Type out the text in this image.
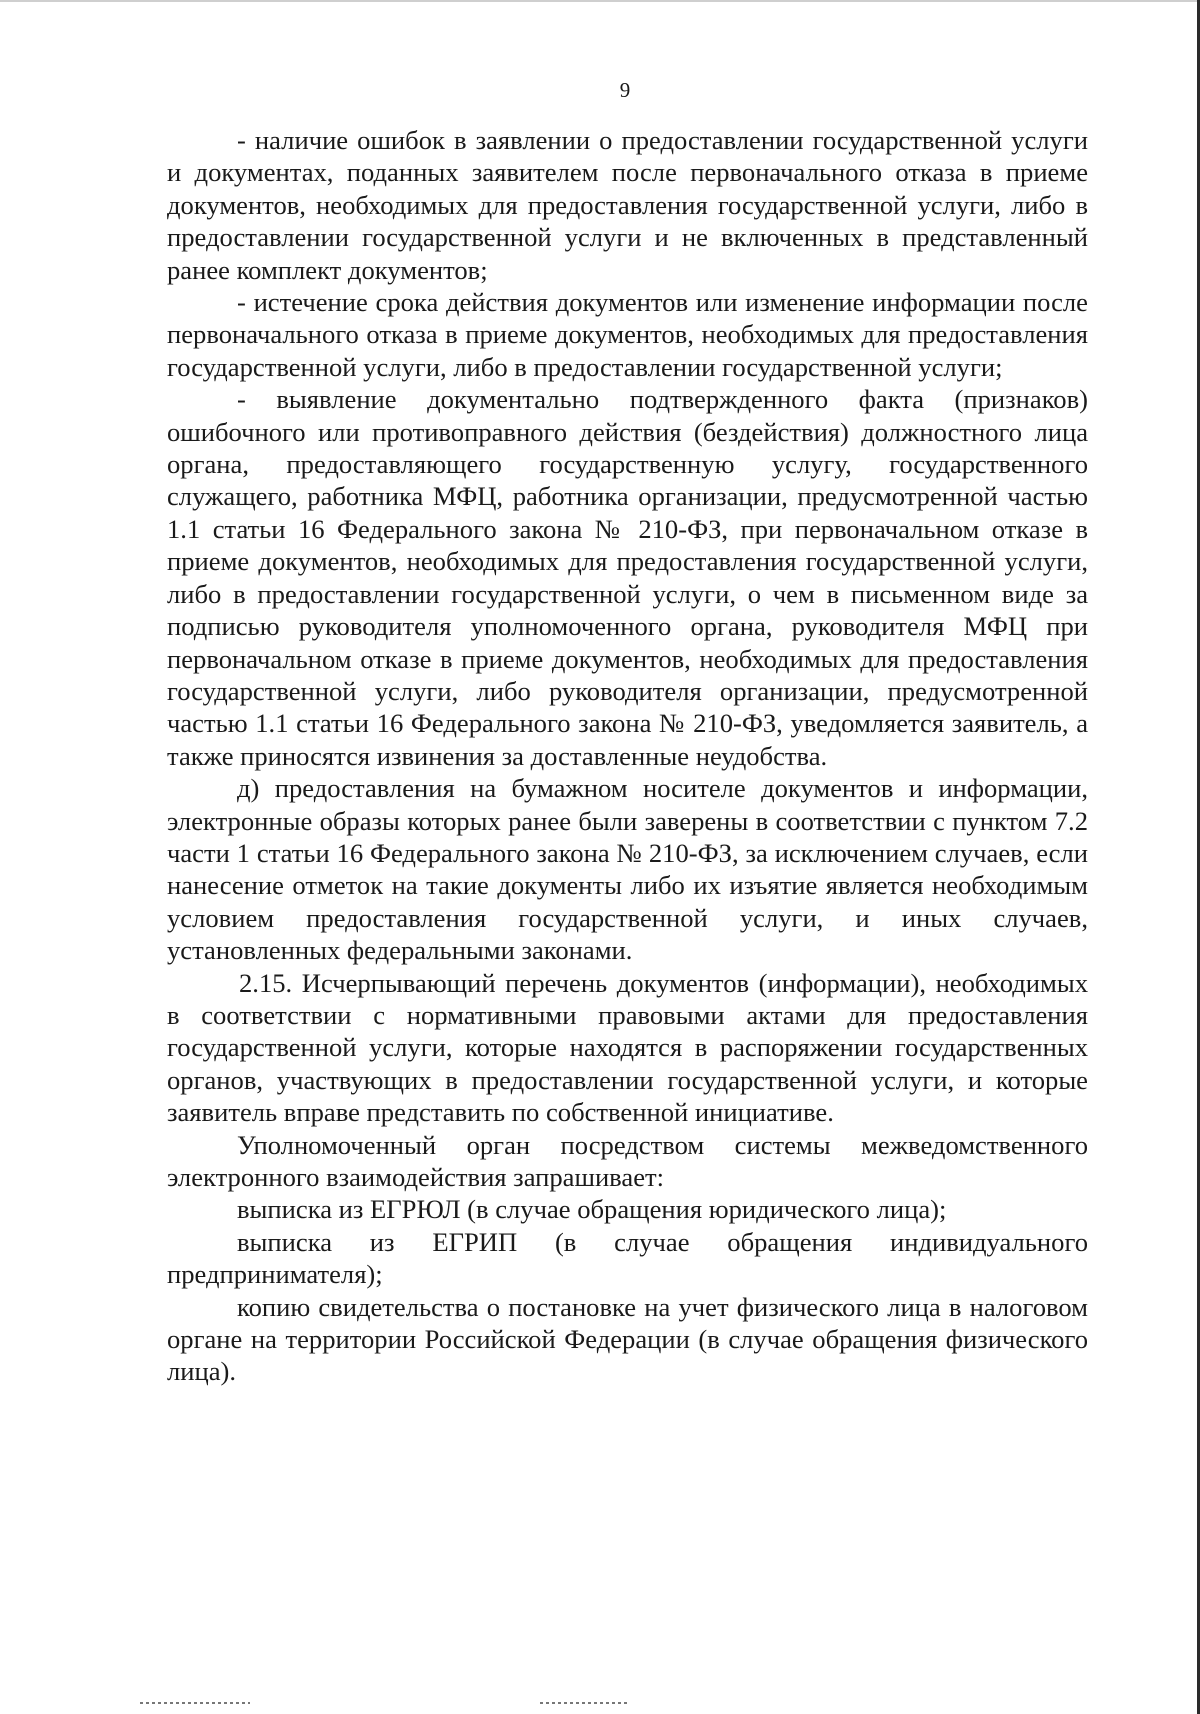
9

- наличие ошибок в заявлении о предоставлении государственной услуги и документах, поданных заявителем после первоначального отказа в приеме документов, необходимых для предоставления государственной услуги, либо в предоставлении государственной услуги и не включенных в представленный ранее комплект документов;

- истечение срока действия документов или изменение информации после первоначального отказа в приеме документов, необходимых для предоставления государственной услуги, либо в предоставлении государственной услуги;

- выявление документально подтвержденного факта (признаков) ошибочного или противоправного действия (бездействия) должностного лица органа, предоставляющего государственную услугу, государственного служащего, работника МФЦ, работника организации, предусмотренной частью 1.1 статьи 16 Федерального закона № 210-ФЗ, при первоначальном отказе в приеме документов, необходимых для предоставления государственной услуги, либо в предоставлении государственной услуги, о чем в письменном виде за подписью руководителя уполномоченного органа, руководителя МФЦ при первоначальном отказе в приеме документов, необходимых для предоставления государственной услуги, либо руководителя организации, предусмотренной частью 1.1 статьи 16 Федерального закона № 210-ФЗ, уведомляется заявитель, а также приносятся извинения за доставленные неудобства.

д) предоставления на бумажном носителе документов и информации, электронные образы которых ранее были заверены в соответствии с пунктом 7.2 части 1 статьи 16 Федерального закона № 210-ФЗ, за исключением случаев, если нанесение отметок на такие документы либо их изъятие является необходимым условием предоставления государственной услуги, и иных случаев, установленных федеральными законами.

2.15. Исчерпывающий перечень документов (информации), необходимых в соответствии с нормативными правовыми актами для предоставления государственной услуги, которые находятся в распоряжении государственных органов, участвующих в предоставлении государственной услуги, и которые заявитель вправе представить по собственной инициативе.

Уполномоченный орган посредством системы межведомственного электронного взаимодействия запрашивает:

выписка из ЕГРЮЛ (в случае обращения юридического лица);

выписка из ЕГРИП (в случае обращения индивидуального предпринимателя);

копию свидетельства о постановке на учет физического лица в налоговом органе на территории Российской Федерации (в случае обращения физического лица).
